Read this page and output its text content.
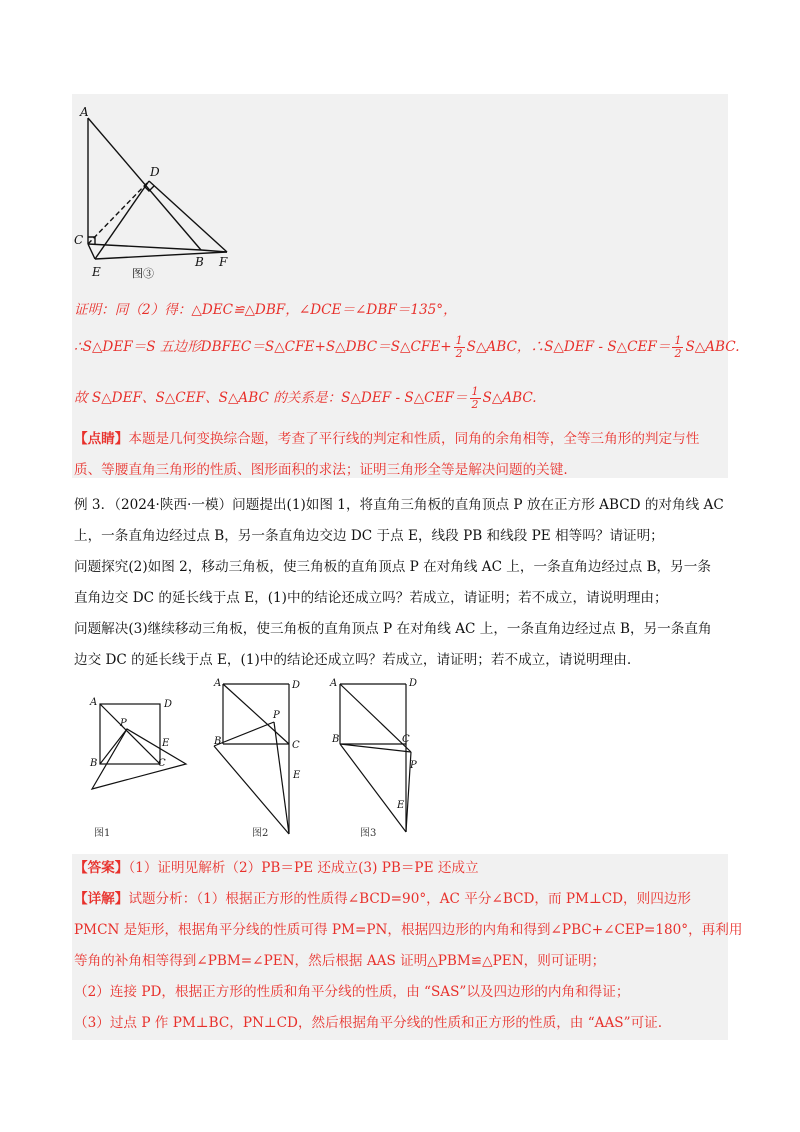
A
D
C
B F
E	图③
证明：同（2）得：△DEC≌△DBF，∠DCE＝∠DBF＝135°，
∴S△DEF＝S 五边形DBFEC＝S△CFE+S△DBC＝S△CFE+ $\frac{1}{2}$ S△ABC，∴S△DEF - S△CEF＝ $\frac{1}{2}$ S△ABC.
故 S△DEF、S△CEF、S△ABC 的关系是：S△DEF - S△CEF＝ $\frac{1}{2}$ S△ABC.
【点睛】本题是几何变换综合题，考查了平行线的判定和性质，同角的余角相等，全等三角形的判定与性
质、等腰直角三角形的性质、图形面积的求法；证明三角形全等是解决问题的关键.
例 3．（2024·陕西·一模）问题提出(1)如图 1，将直角三角板的直角顶点 P 放在正方形 ABCD 的对角线 AC
上，一条直角边经过点 B，另一条直角边交边 DC 于点 E，线段 PB 和线段 PE 相等吗？请证明；
问题探究(2)如图 2，移动三角板，使三角板的直角顶点 P 在对角线 AC 上，一条直角边经过点 B，另一条
直角边交 DC 的延长线于点 E，(1)中的结论还成立吗？若成立，请证明；若不成立，请说明理由；
问题解决(3)继续移动三角板，使三角板的直角顶点 P 在对角线 AC 上，一条直角边经过点 B，另一条直角
边交 DC 的延长线于点 E，(1)中的结论还成立吗？若成立，请证明；若不成立，请说明理由.
A	D
P
E
B	C
A	D
P
B	C
E
A	D
C
B
P
E
图1	图2	图3
【答案】（1）证明见解析（2）PB＝PE 还成立(3) PB＝PE 还成立
【详解】试题分析：（1）根据正方形的性质得∠BCD=90°，AC 平分∠BCD，而 PM⊥CD，则四边形
PMCN 是矩形，根据角平分线的性质可得 PM=PN，根据四边形的内角和得到∠PBC+∠CEP=180°，再利用
等角的补角相等得到∠PBM=∠PEN，然后根据 AAS 证明△PBM≌△PEN，则可证明；
（2）连接 PD，根据正方形的性质和角平分线的性质，由 “SAS”以及四边形的内角和得证；
（3）过点 P 作 PM⊥BC，PN⊥CD，然后根据角平分线的性质和正方形的性质，由 “AAS”可证.
